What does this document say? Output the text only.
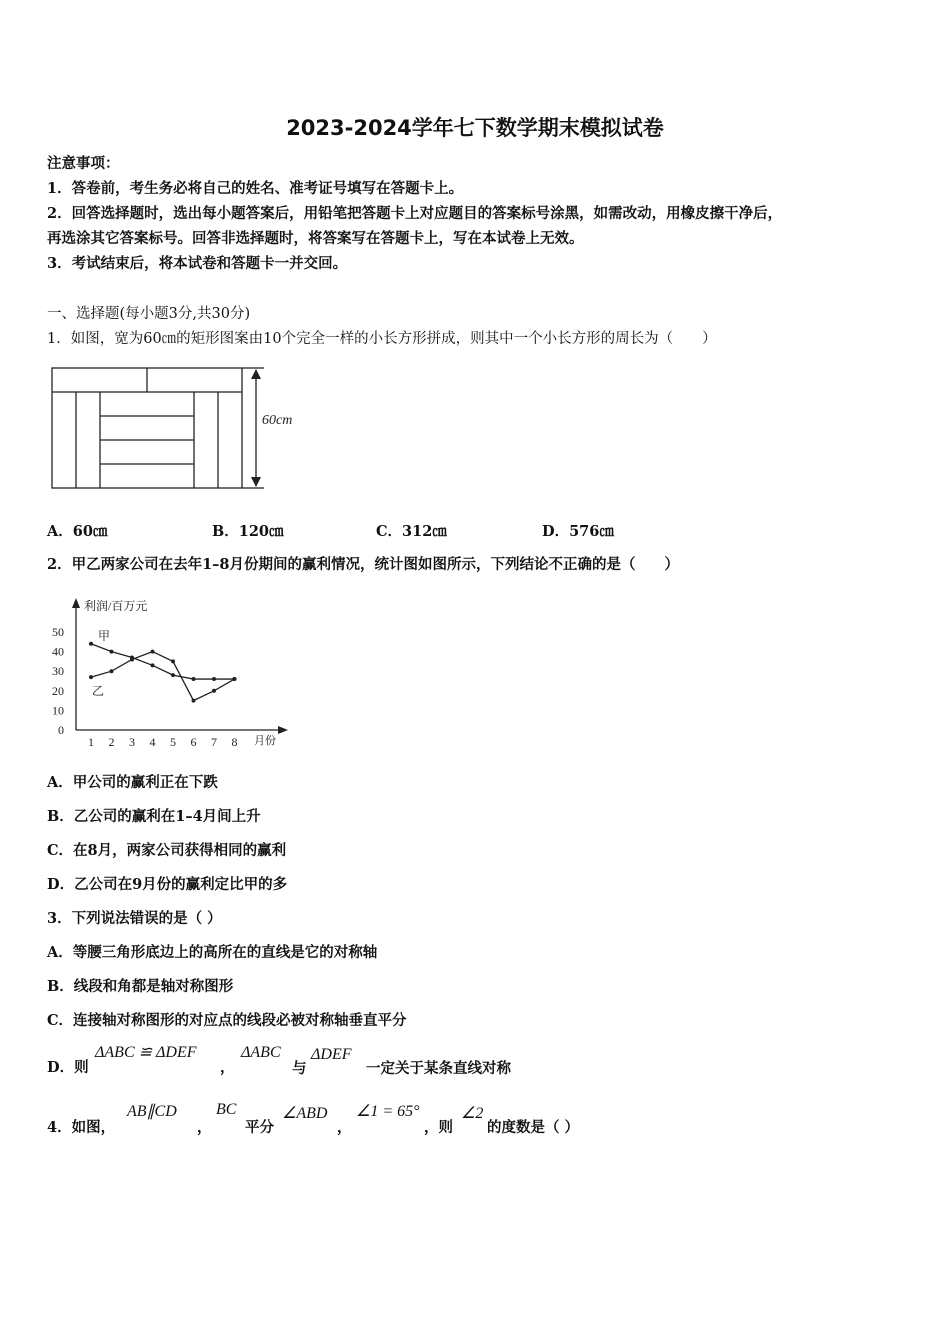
2023-2024学年七下数学期末模拟试卷
注意事项：
1．答卷前，考生务必将自己的姓名、准考证号填写在答题卡上。
2．回答选择题时，选出每小题答案后，用铅笔把答题卡上对应题目的答案标号涂黑，如需改动，用橡皮擦干净后，
再选涂其它答案标号。回答非选择题时，将答案写在答题卡上，写在本试卷上无效。
3．考试结束后，将本试卷和答题卡一并交回。
一、选择题(每小题3分,共30分)
1．如图，宽为60㎝的矩形图案由10个完全一样的小长方形拼成，则其中一个小长方形的周长为（　　）
60cm
A．60㎝	B．120㎝	C．312㎝	D．576㎝
2．甲乙两家公司在去年1–8月份期间的赢利情况，统计图如图所示，下列结论不正确的是（　　）
利润/百万元
月份
0
10
20
30
40
50
1 2 3 4 5 6 7 8
甲
乙
A．甲公司的赢利正在下跌
B．乙公司的赢利在1–4月间上升
C．在8月，两家公司获得相同的赢利
D．乙公司在9月份的赢利定比甲的多
3．下列说法错误的是（ ）
A．等腰三角形底边上的高所在的直线是它的对称轴
B．线段和角都是轴对称图形
C．连接轴对称图形的对应点的线段必被对称轴垂直平分
D．则
ΔABC ≌ ΔDEF
，
ΔABC
与
ΔDEF
一定关于某条直线对称
4．如图，
AB∥CD
，
BC
平分
∠ABD
，
∠1 = 65°
，则
∠2
的度数是（ ）
